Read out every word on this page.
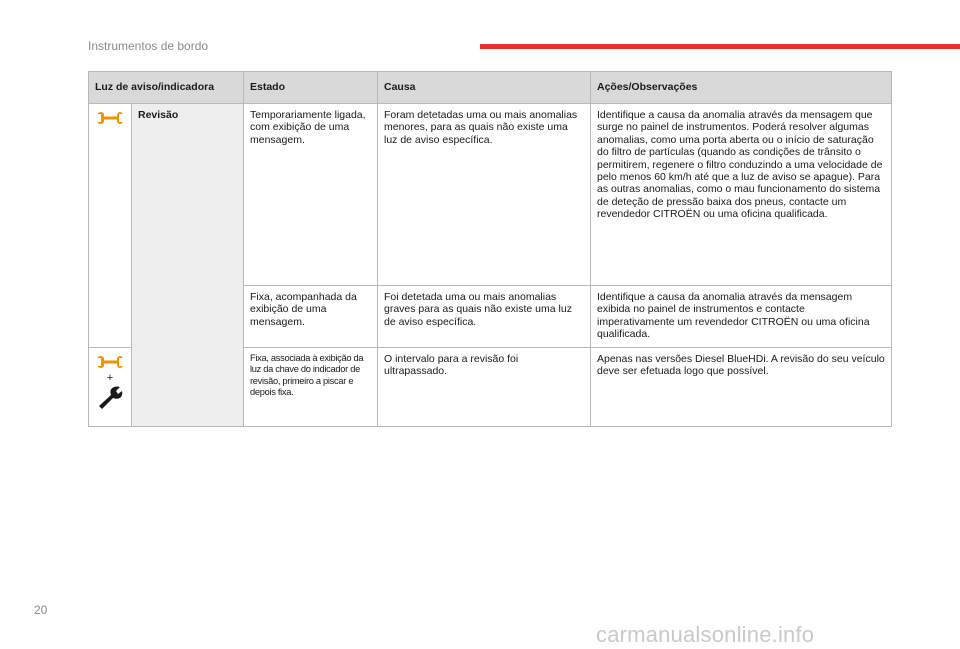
Instrumentos de bordo
Luz de aviso/indicadora		Estado	Causa	Ações/Observações

	Revisão	Temporariamente ligada, com exibição de uma mensagem.	Foram detetadas uma ou mais anomalias menores, para as quais não existe uma luz de aviso específica.	Identifique a causa da anomalia através da mensagem que surge no painel de instrumentos. Poderá resolver algumas anomalias, como uma porta aberta ou o início de saturação do filtro de partículas (quando as condições de trânsito o permitirem, regenere o filtro conduzindo a uma velocidade de pelo menos 60 km/h até que a luz de aviso se apague). Para as outras anomalias, como o mau funcionamento do sistema de deteção de pressão baixa dos pneus, contacte um revendedor CITROËN ou uma oficina qualificada.
		Fixa, acompanhada da exibição de uma mensagem.	Foi detetada uma ou mais anomalias graves para as quais não existe uma luz de aviso específica.	Identifique a causa da anomalia através da mensagem exibida no painel de instrumentos e contacte imperativamente um revendedor CITROËN ou uma oficina qualificada.

+		Fixa, associada à exibição da luz da chave do indicador de revisão, primeiro a piscar e depois fixa.	O intervalo para a revisão foi ultrapassado.	Apenas nas versões Diesel BlueHDi. A revisão do seu veículo deve ser efetuada logo que possível.
20
carmanualsonline.info
